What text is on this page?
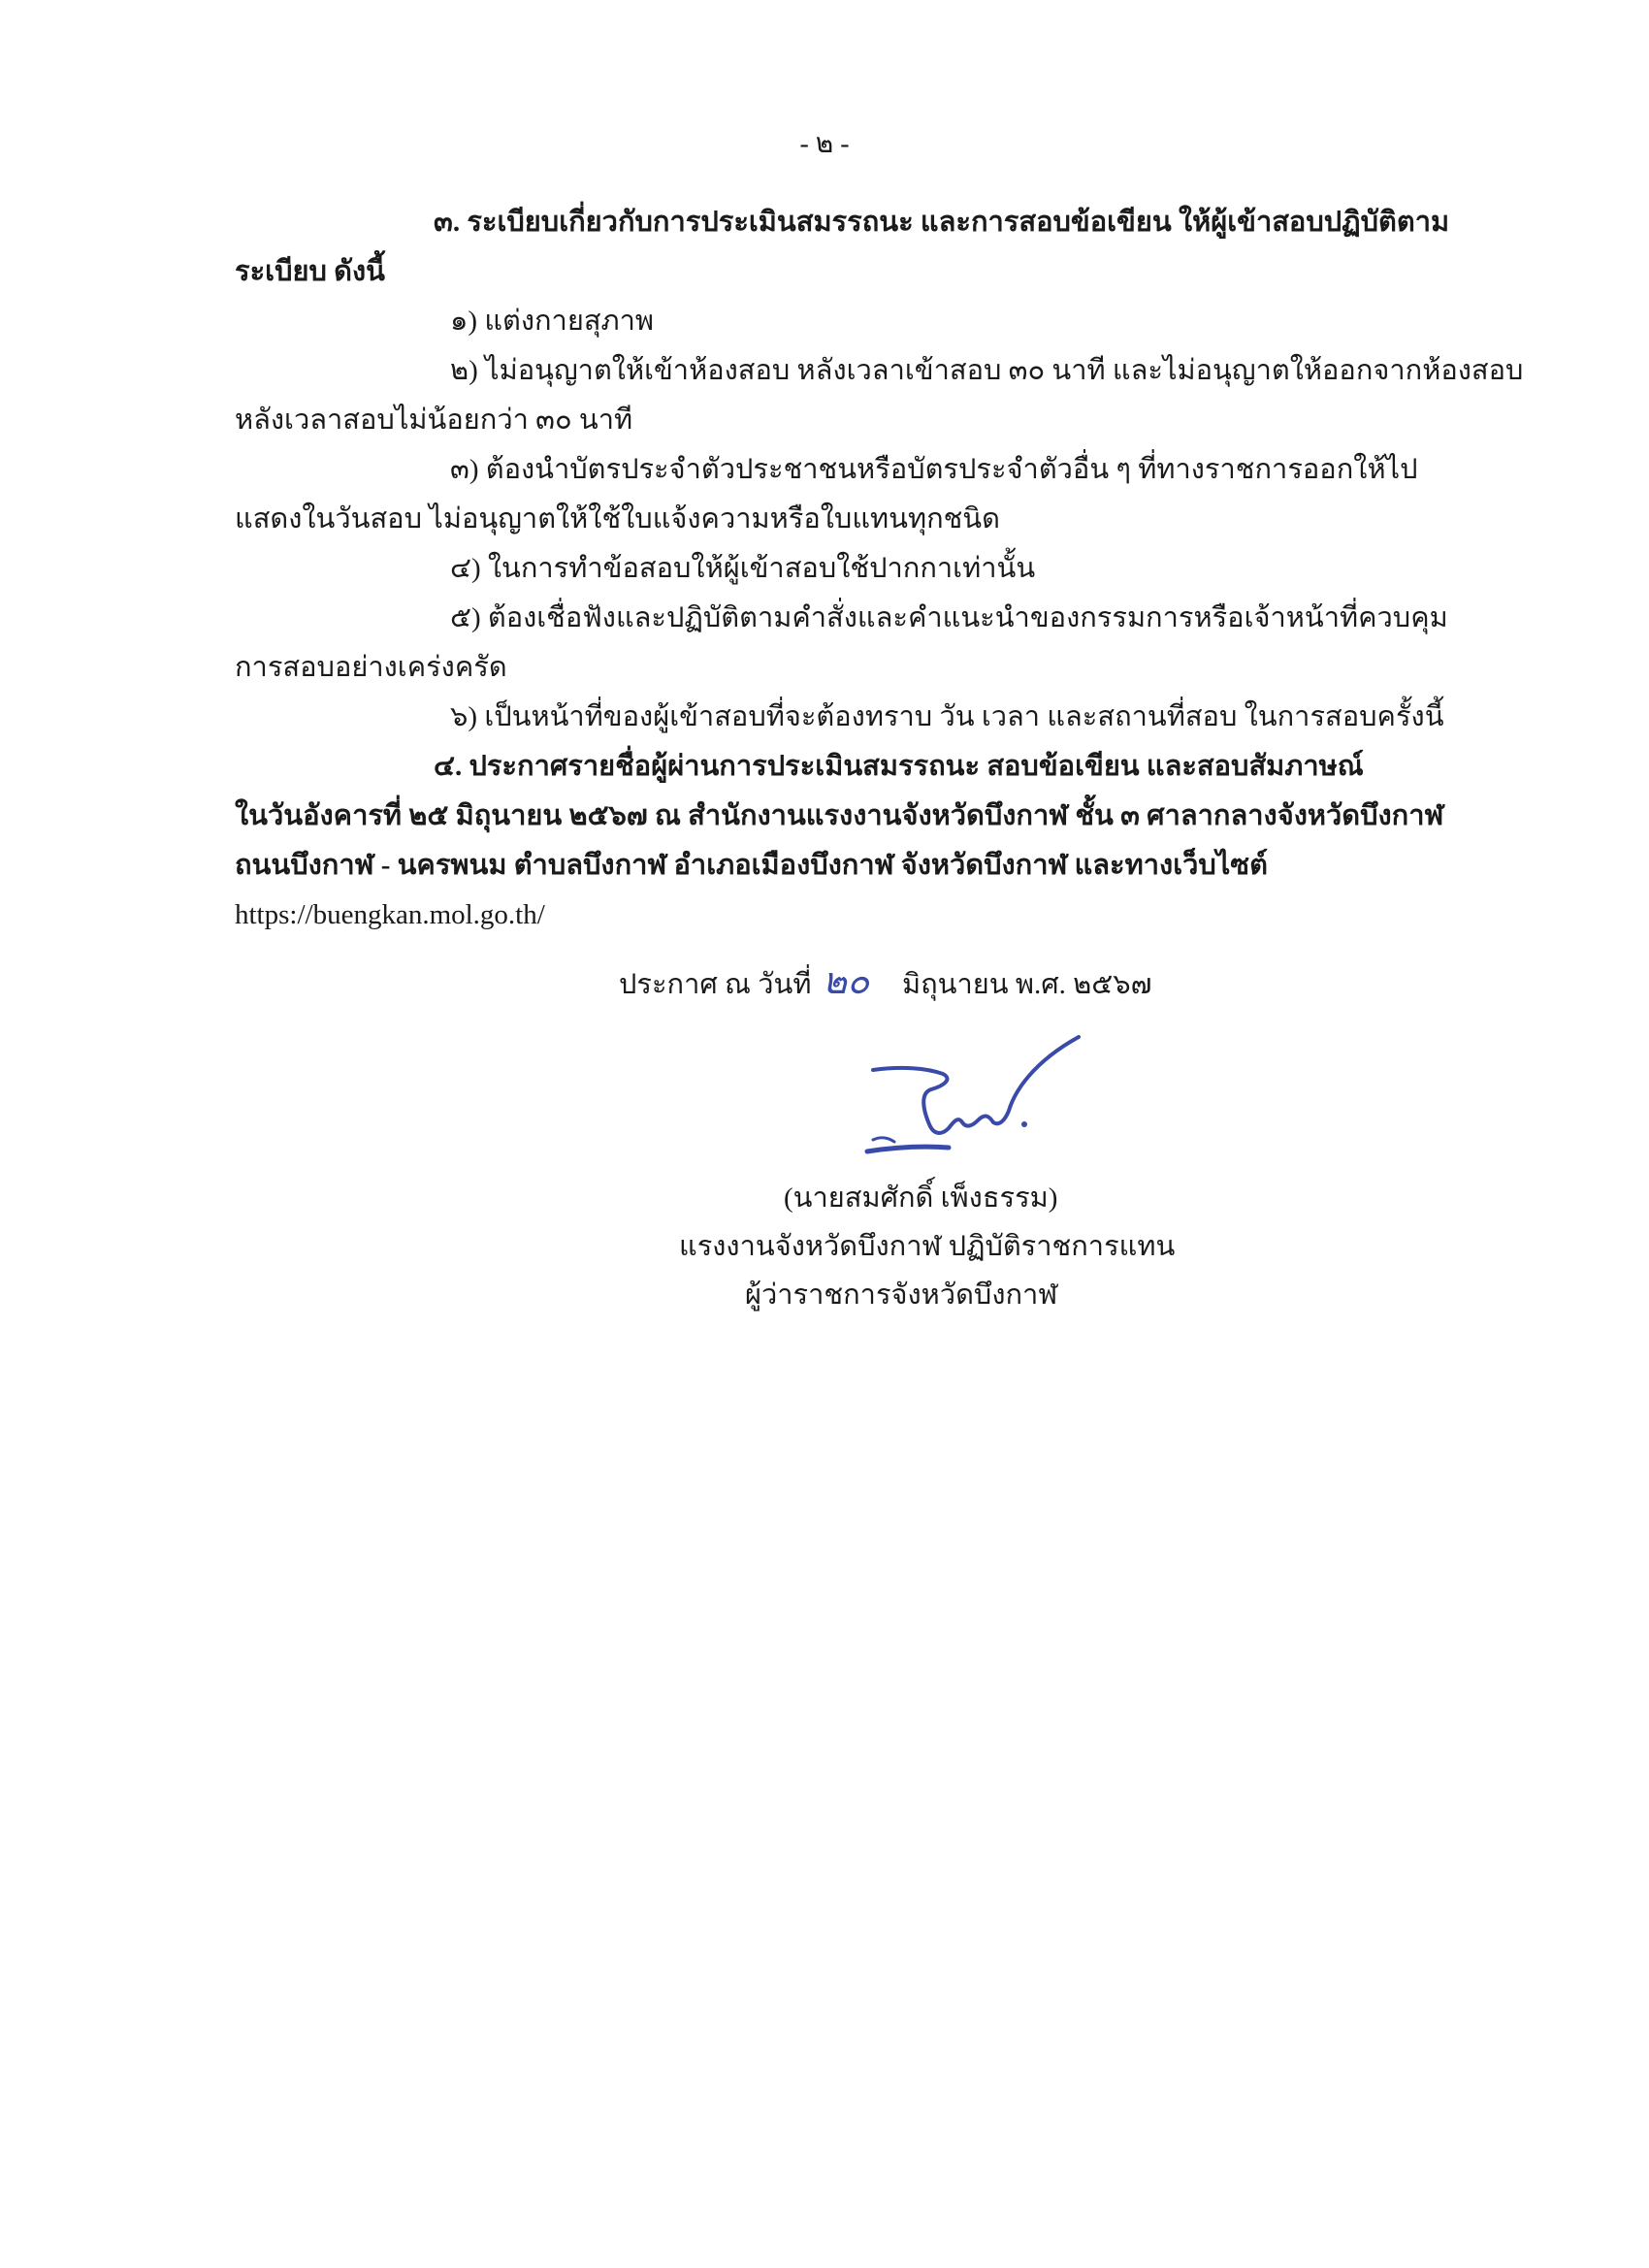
- ๒ -
๓. ระเบียบเกี่ยวกับการประเมินสมรรถนะ และการสอบข้อเขียน ให้ผู้เข้าสอบปฏิบัติตาม
ระเบียบ ดังนี้
๑) แต่งกายสุภาพ
๒) ไม่อนุญาตให้เข้าห้องสอบ หลังเวลาเข้าสอบ ๓๐ นาที และไม่อนุญาตให้ออกจากห้องสอบ
หลังเวลาสอบไม่น้อยกว่า ๓๐ นาที
๓) ต้องนำบัตรประจำตัวประชาชนหรือบัตรประจำตัวอื่น ๆ ที่ทางราชการออกให้ไป
แสดงในวันสอบ ไม่อนุญาตให้ใช้ใบแจ้งความหรือใบแทนทุกชนิด
๔) ในการทำข้อสอบให้ผู้เข้าสอบใช้ปากกาเท่านั้น
๕) ต้องเชื่อฟังและปฏิบัติตามคำสั่งและคำแนะนำของกรรมการหรือเจ้าหน้าที่ควบคุม
การสอบอย่างเคร่งครัด
๖) เป็นหน้าที่ของผู้เข้าสอบที่จะต้องทราบ วัน เวลา และสถานที่สอบ ในการสอบครั้งนี้
๔. ประกาศรายชื่อผู้ผ่านการประเมินสมรรถนะ สอบข้อเขียน และสอบสัมภาษณ์
ในวันอังคารที่ ๒๕ มิถุนายน ๒๕๖๗ ณ สำนักงานแรงงานจังหวัดบึงกาฬ ชั้น ๓ ศาลากลางจังหวัดบึงกาฬ
ถนนบึงกาฬ - นครพนม ตำบลบึงกาฬ อำเภอเมืองบึงกาฬ จังหวัดบึงกาฬ และทางเว็บไซต์
https://buengkan.mol.go.th/
ประกาศ ณ วันที่ ๒๐ มิถุนายน พ.ศ. ๒๕๖๗
(นายสมศักดิ์ เพ็งธรรม)
แรงงานจังหวัดบึงกาฬ ปฏิบัติราชการแทน
ผู้ว่าราชการจังหวัดบึงกาฬ
